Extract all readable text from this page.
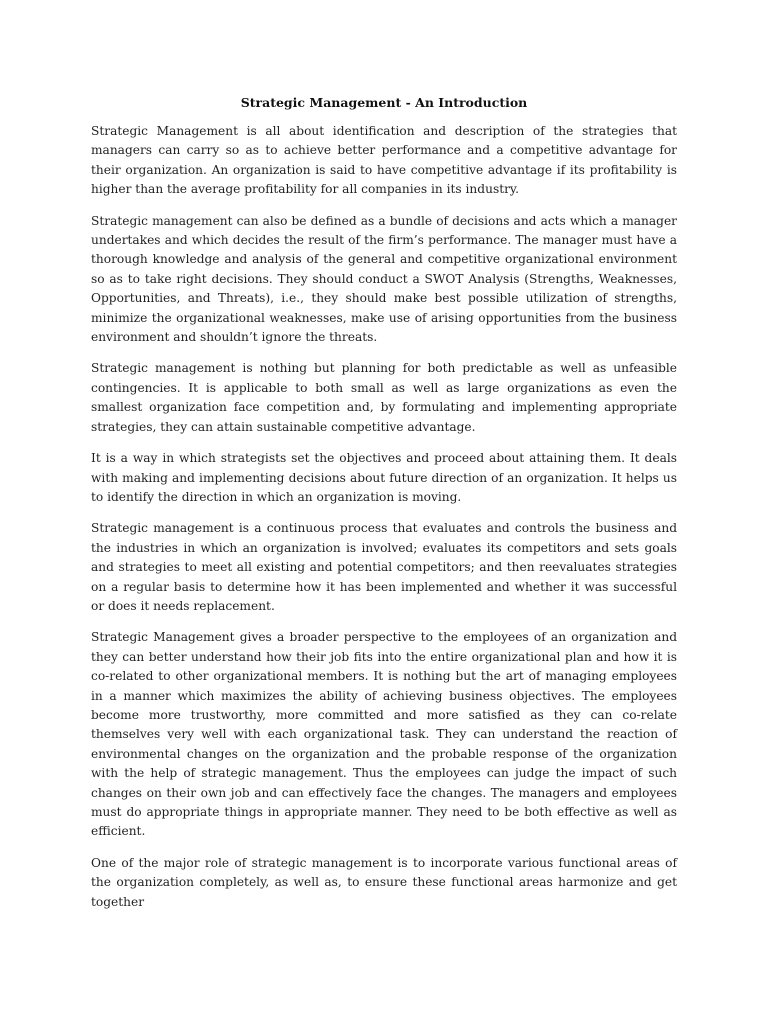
Strategic Management - An Introduction

Strategic Management is all about identification and description of the strategies that managers can carry so as to achieve better performance and a competitive advantage for their organization. An organization is said to have competitive advantage if its profitability is higher than the average profitability for all companies in its industry.

Strategic management can also be defined as a bundle of decisions and acts which a manager undertakes and which decides the result of the firm’s performance. The manager must have a thorough knowledge and analysis of the general and competitive organizational environment so as to take right decisions. They should conduct a SWOT Analysis (Strengths, Weaknesses, Opportunities, and Threats), i.e., they should make best possible utilization of strengths, minimize the organizational weaknesses, make use of arising opportunities from the business environment and shouldn’t ignore the threats.

Strategic management is nothing but planning for both predictable as well as unfeasible contingencies. It is applicable to both small as well as large organizations as even the smallest organization face competition and, by formulating and implementing appropriate strategies, they can attain sustainable competitive advantage.

It is a way in which strategists set the objectives and proceed about attaining them. It deals with making and implementing decisions about future direction of an organization. It helps us to identify the direction in which an organization is moving.

Strategic management is a continuous process that evaluates and controls the business and the industries in which an organization is involved; evaluates its competitors and sets goals and strategies to meet all existing and potential competitors; and then reevaluates strategies on a regular basis to determine how it has been implemented and whether it was successful or does it needs replacement.

Strategic Management gives a broader perspective to the employees of an organization and they can better understand how their job fits into the entire organizational plan and how it is co-related to other organizational members. It is nothing but the art of managing employees in a manner which maximizes the ability of achieving business objectives. The employees become more trustworthy, more committed and more satisfied as they can co-relate themselves very well with each organizational task. They can understand the reaction of environmental changes on the organization and the probable response of the organization with the help of strategic management. Thus the employees can judge the impact of such changes on their own job and can effectively face the changes. The managers and employees must do appropriate things in appropriate manner. They need to be both effective as well as efficient.

One of the major role of strategic management is to incorporate various functional areas of the organization completely, as well as, to ensure these functional areas harmonize and get together
